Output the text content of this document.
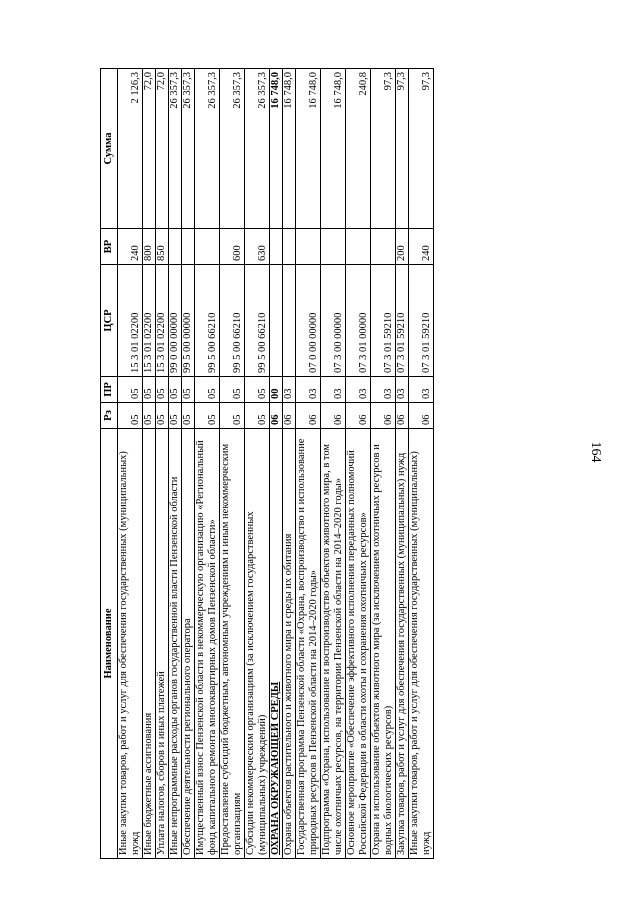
164
Наименование	Рз	ПР	ЦСР	ВР	Сумма
Иные закупки товаров, работ и услуг для обеспечения государственных (муниципальных) нужд	05	05	15 3 01 02200	240	2 126,3
Иные бюджетные ассигнования	05	05	15 3 01 02200	800	72,0
Уплата налогов, сборов и иных платежей	05	05	15 3 01 02200	850	72,0
Иные непрограммные расходы органов государственной власти Пензенской области	05	05	99 0 00 00000		26 357,3
Обеспечение деятельности регионального оператора	05	05	99 5 00 00000		26 357,3
Имущественный взнос Пензенской области в некоммерческую организацию «Региональный фонд капитального ремонта многоквартирных домов Пензенской области»	05	05	99 5 00 66210		26 357,3
Предоставление субсидий бюджетным, автономным учреждениям и иным некоммерческим организациям	05	05	99 5 00 66210	600	26 357,3
Субсидии некоммерческим организациям (за исключением государственных (муниципальных) учреждений)	05	05	99 5 00 66210	630	26 357,3
ОХРАНА ОКРУЖАЮЩЕЙ СРЕДЫ	06	00			16 748,0
Охрана объектов растительного и животного мира и среды их обитания	06	03			16 748,0
Государственная программа Пензенской области «Охрана, воспроизводство и использование природных ресурсов в Пензенской области на 2014–2020 годы»	06	03	07 0 00 00000		16 748,0
Подпрограмма «Охрана, использование и воспроизводство объектов животного мира, в том числе охотничьих ресурсов, на территории Пензенской области на 2014–2020 годы»	06	03	07 3 00 00000		16 748,0
Основное мероприятие «Обеспечение эффективного исполнения переданных полномочий Российской Федерации в области охоты и сохранения охотничьих ресурсов»	06	03	07 3 01 00000		240,8
Охрана и использование объектов животного мира (за исключением охотничьих ресурсов и водных биологических ресурсов)	06	03	07 3 01 59210		97,3
Закупка товаров, работ и услуг для обеспечения государственных (муниципальных) нужд	06	03	07 3 01 59210	200	97,3
Иные закупки товаров, работ и услуг для обеспечения государственных (муниципальных) нужд	06	03	07 3 01 59210	240	97,3
